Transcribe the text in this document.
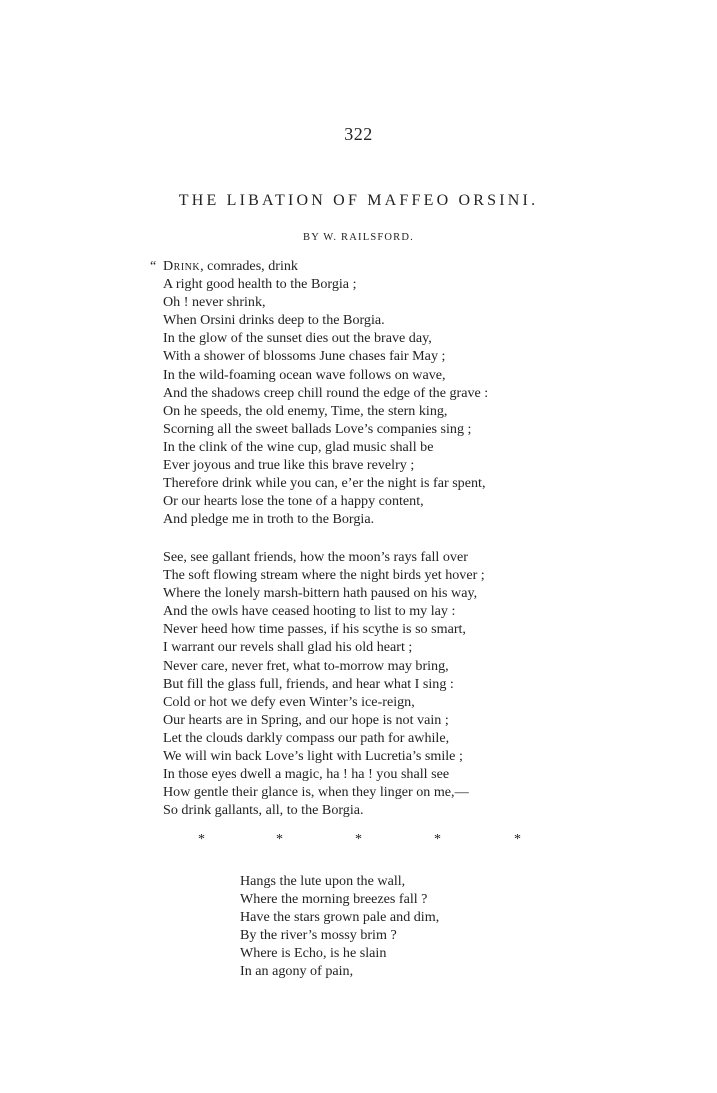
322
THE LIBATION OF MAFFEO ORSINI.
BY W. RAILSFORD.
“ Drink, comrades, drink
A right good health to the Borgia ;
Oh ! never shrink,
When Orsini drinks deep to the Borgia.
In the glow of the sunset dies out the brave day,
With a shower of blossoms June chases fair May ;
In the wild-foaming ocean wave follows on wave,
And the shadows creep chill round the edge of the grave :
On he speeds, the old enemy, Time, the stern king,
Scorning all the sweet ballads Love’s companies sing ;
In the clink of the wine cup, glad music shall be
Ever joyous and true like this brave revelry ;
Therefore drink while you can, e’er the night is far spent,
Or our hearts lose the tone of a happy content,
And pledge me in troth to the Borgia.
See, see gallant friends, how the moon’s rays fall over
The soft flowing stream where the night birds yet hover ;
Where the lonely marsh-bittern hath paused on his way,
And the owls have ceased hooting to list to my lay :
Never heed how time passes, if his scythe is so smart,
I warrant our revels shall glad his old heart ;
Never care, never fret, what to-morrow may bring,
But fill the glass full, friends, and hear what I sing :
Cold or hot we defy even Winter’s ice-reign,
Our hearts are in Spring, and our hope is not vain ;
Let the clouds darkly compass our path for awhile,
We will win back Love’s light with Lucretia’s smile ;
In those eyes dwell a magic, ha ! ha ! you shall see
How gentle their glance is, when they linger on me,—
So drink gallants, all, to the Borgia.
*	*	*	*	*
Hangs the lute upon the wall,
Where the morning breezes fall ?
Have the stars grown pale and dim,
By the river’s mossy brim ?
Where is Echo, is he slain
In an agony of pain,
